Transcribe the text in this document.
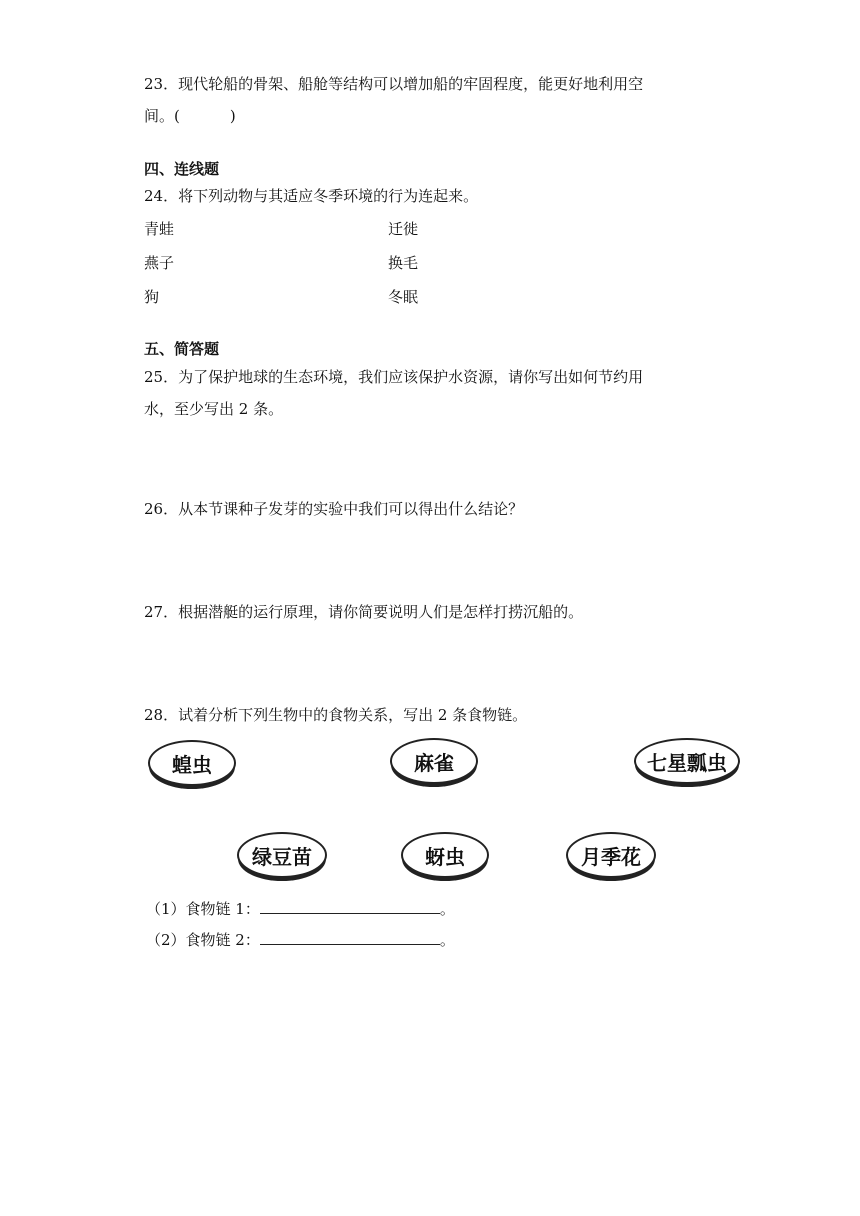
23．现代轮船的骨架、船舱等结构可以增加船的牢固程度，能更好地利用空
间。(	)
四、连线题
24．将下列动物与其适应冬季环境的行为连起来。
青蛙
燕子
狗
迁徙
换毛
冬眠
五、简答题
25．为了保护地球的生态环境，我们应该保护水资源，请你写出如何节约用
水，至少写出 2 条。
26．从本节课种子发芽的实验中我们可以得出什么结论？
27．根据潜艇的运行原理，请你简要说明人们是怎样打捞沉船的。
28．试着分析下列生物中的食物关系，写出 2 条食物链。
蝗虫	麻雀	七星瓢虫
绿豆苗	蚜虫	月季花
（1）食物链 1：	。
（2）食物链 2：	。
